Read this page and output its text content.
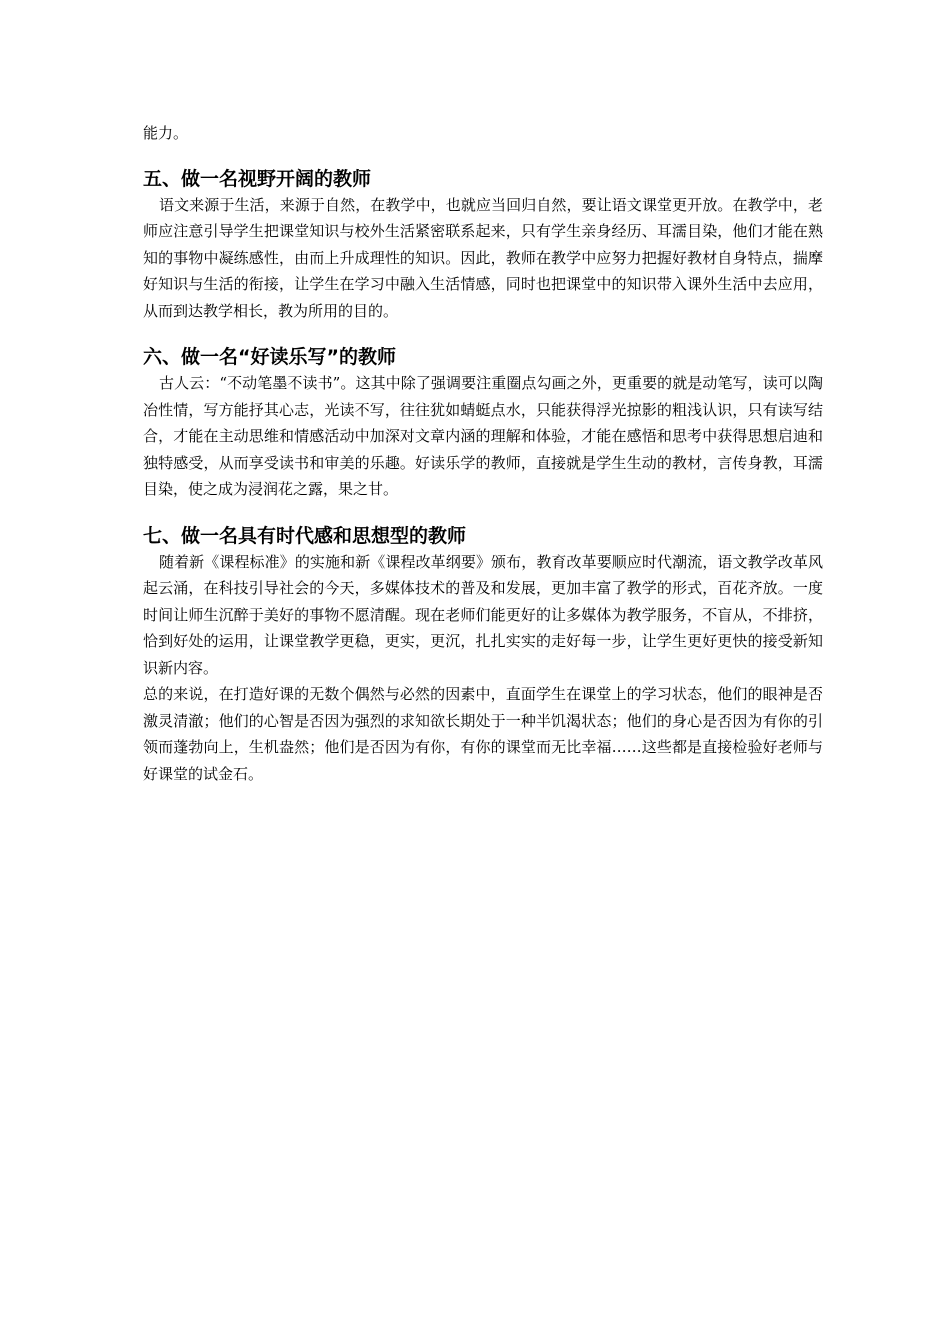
能力。

五、做一名视野开阔的教师

语文来源于生活，来源于自然，在教学中，也就应当回归自然，要让语文课堂更开放。在教学中，老师应注意引导学生把课堂知识与校外生活紧密联系起来，只有学生亲身经历、耳濡目染，他们才能在熟知的事物中凝练感性，由而上升成理性的知识。因此，教师在教学中应努力把握好教材自身特点，揣摩好知识与生活的衔接，让学生在学习中融入生活情感，同时也把课堂中的知识带入课外生活中去应用，从而到达教学相长，教为所用的目的。

六、做一名“好读乐写”的教师

古人云：“不动笔墨不读书”。这其中除了强调要注重圈点勾画之外，更重要的就是动笔写，读可以陶冶性情，写方能抒其心志，光读不写，往往犹如蜻蜓点水，只能获得浮光掠影的粗浅认识，只有读写结合，才能在主动思维和情感活动中加深对文章内涵的理解和体验，才能在感悟和思考中获得思想启迪和独特感受，从而享受读书和审美的乐趣。好读乐学的教师，直接就是学生生动的教材，言传身教，耳濡目染，使之成为浸润花之露，果之甘。

七、做一名具有时代感和思想型的教师

随着新《课程标准》的实施和新《课程改革纲要》颁布，教育改革要顺应时代潮流，语文教学改革风起云涌，在科技引导社会的今天，多媒体技术的普及和发展，更加丰富了教学的形式，百花齐放。一度时间让师生沉醉于美好的事物不愿清醒。现在老师们能更好的让多媒体为教学服务，不盲从，不排挤，恰到好处的运用，让课堂教学更稳，更实，更沉，扎扎实实的走好每一步，让学生更好更快的接受新知识新内容。

总的来说，在打造好课的无数个偶然与必然的因素中，直面学生在课堂上的学习状态，他们的眼神是否激灵清澈；他们的心智是否因为强烈的求知欲长期处于一种半饥渴状态；他们的身心是否因为有你的引领而蓬勃向上，生机盎然；他们是否因为有你，有你的课堂而无比幸福……这些都是直接检验好老师与好课堂的试金石。
